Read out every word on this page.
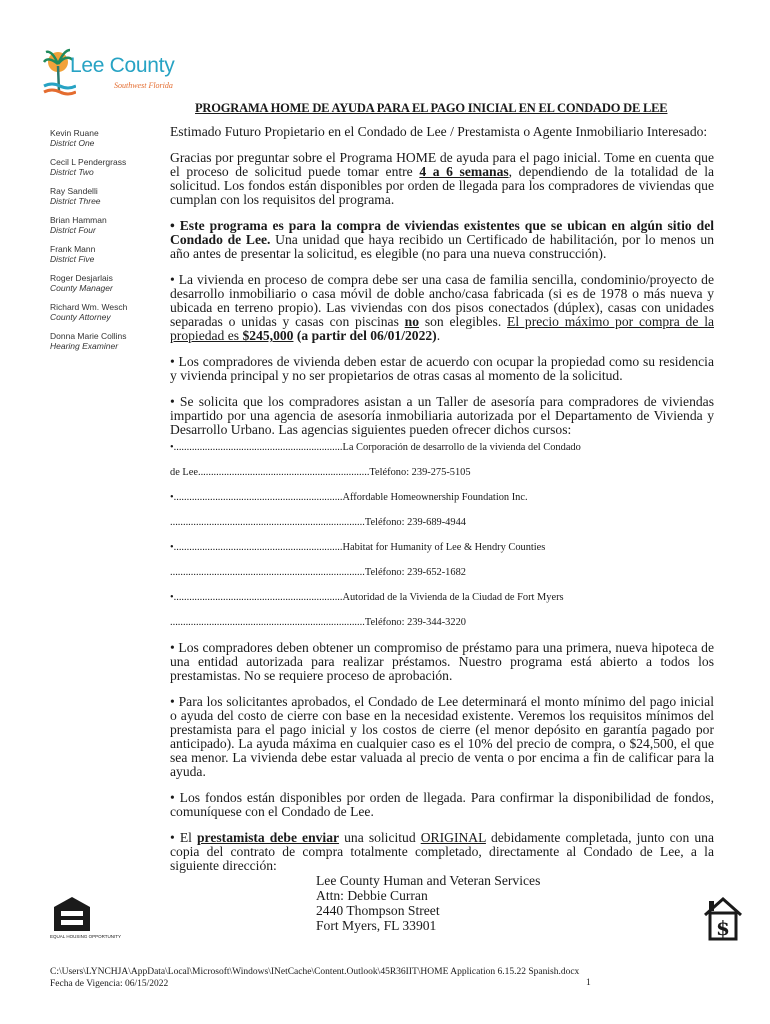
Lee County
Southwest Florida
PROGRAMA HOME DE AYUDA PARA EL PAGO INICIAL EN EL CONDADO DE LEE
Kevin Ruane
District One
Cecil L Pendergrass
District Two
Ray Sandelli
District Three
Brian Hamman
District Four
Frank Mann
District Five
Roger Desjarlais
County Manager
Richard Wm. Wesch
County Attorney
Donna Marie Collins
Hearing Examiner

Estimado Futuro Propietario en el Condado de Lee / Prestamista o Agente Inmobiliario Interesado:

Gracias por preguntar sobre el Programa HOME de ayuda para el pago inicial. Tome en cuenta que el proceso de solicitud puede tomar entre 4 a 6 semanas, dependiendo de la totalidad de la solicitud. Los fondos están disponibles por orden de llegada para los compradores de viviendas que cumplan con los requisitos del programa.

• Este programa es para la compra de viviendas existentes que se ubican en algún sitio del Condado de Lee. Una unidad que haya recibido un Certificado de habilitación, por lo menos un año antes de presentar la solicitud, es elegible (no para una nueva construcción).

• La vivienda en proceso de compra debe ser una casa de familia sencilla, condominio/proyecto de desarrollo inmobiliario o casa móvil de doble ancho/casa fabricada (si es de 1978 o más nueva y ubicada en terreno propio). Las viviendas con dos pisos conectados (dúplex), casas con unidades separadas o unidas y casas con piscinas no son elegibles. El precio máximo por compra de la propiedad es $245,000 (a partir del 06/01/2022).

• Los compradores de vivienda deben estar de acuerdo con ocupar la propiedad como su residencia y vivienda principal y no ser propietarios de otras casas al momento de la solicitud.

• Se solicita que los compradores asistan a un Taller de asesoría para compradores de viviendas impartido por una agencia de asesoría inmobiliaria autorizada por el Departamento de Vivienda y Desarrollo Urbano. Las agencias siguientes pueden ofrecer dichos cursos:

•.................................................................La Corporación de desarrollo de la vivienda del Condado

de Lee..................................................................Teléfono: 239-275-5105

•.................................................................Affordable Homeownership Foundation Inc.

...........................................................................Teléfono: 239-689-4944

•.................................................................Habitat for Humanity of Lee & Hendry Counties

...........................................................................Teléfono: 239-652-1682

•.................................................................Autoridad de la Vivienda de la Ciudad de Fort Myers

...........................................................................Teléfono: 239-344-3220

• Los compradores deben obtener un compromiso de préstamo para una primera, nueva hipoteca de una entidad autorizada para realizar préstamos. Nuestro programa está abierto a todos los prestamistas. No se requiere proceso de aprobación.

• Para los solicitantes aprobados, el Condado de Lee determinará el monto mínimo del pago inicial o ayuda del costo de cierre con base en la necesidad existente. Veremos los requisitos mínimos del prestamista para el pago inicial y los costos de cierre (el menor depósito en garantía pagado por anticipado). La ayuda máxima en cualquier caso es el 10% del precio de compra, o $24,500, el que sea menor. La vivienda debe estar valuada al precio de venta o por encima a fin de calificar para la ayuda.

• Los fondos están disponibles por orden de llegada. Para confirmar la disponibilidad de fondos, comuníquese con el Condado de Lee.

• El prestamista debe enviar una solicitud ORIGINAL debidamente completada, junto con una copia del contrato de compra totalmente completado, directamente al Condado de Lee, a la siguiente dirección:

Lee County Human and Veteran Services
Attn: Debbie Curran
2440 Thompson Street
Fort Myers, FL 33901
EQUAL HOUSING OPPORTUNITY	$
C:\Users\LYNCHJA\AppData\Local\Microsoft\Windows\INetCache\Content.Outlook\45R36IIT\HOME Application 6.15.22 Spanish.docx
Fecha de Vigencia: 06/15/2022	1
